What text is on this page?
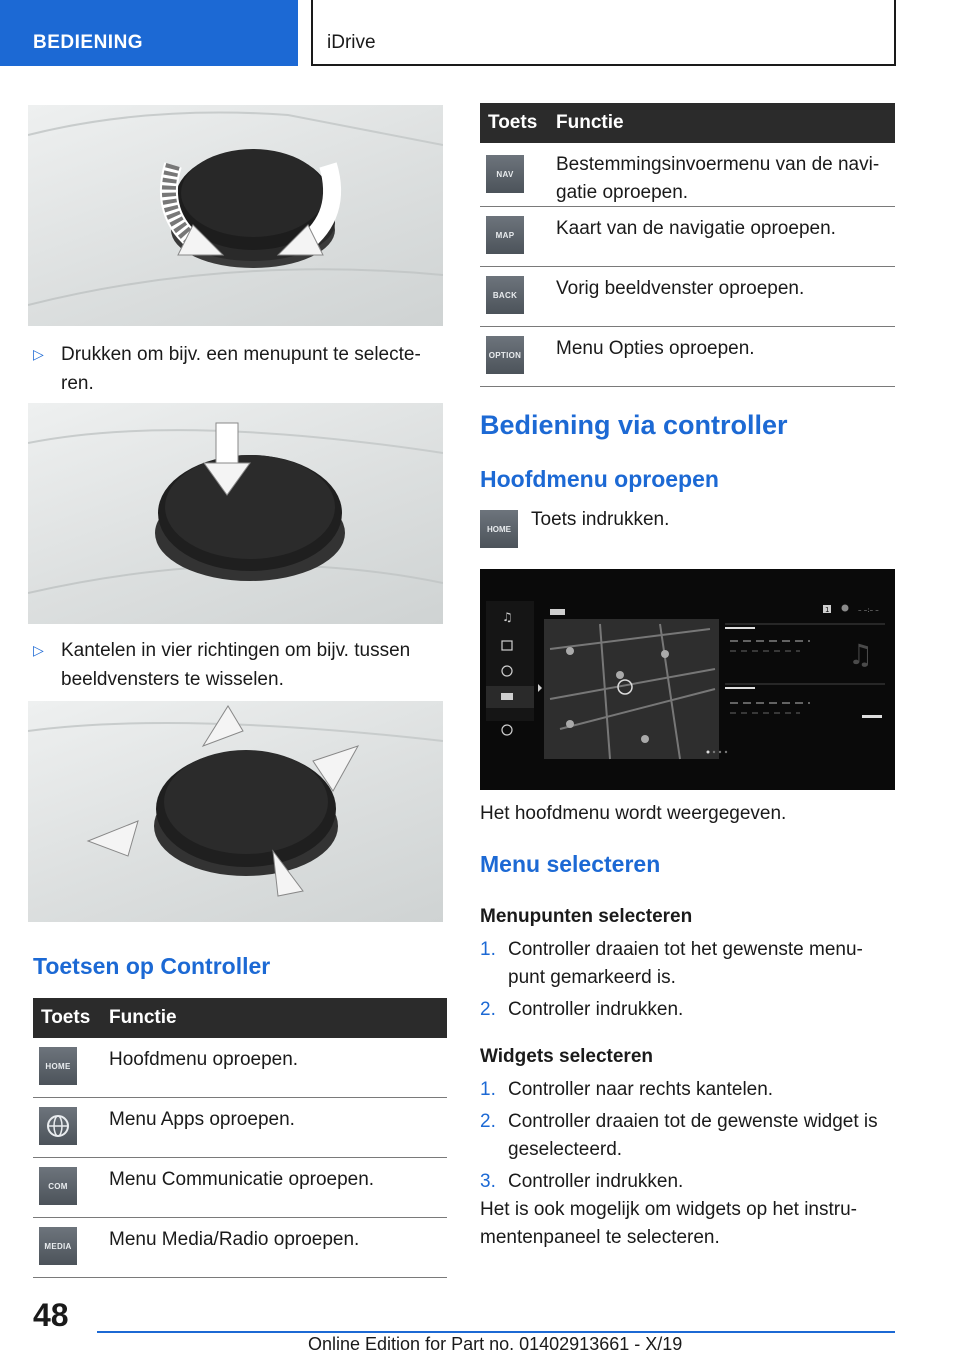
BEDIENING	iDrive
▷ Drukken om bijv. een menupunt te selecte-ren.
▷ Kantelen in vier richtingen om bijv. tussen beeldvensters te wisselen.
Toetsen op Controller
Toets Functie
HOME	Hoofdmenu oproepen.
Menu Apps oproepen.
COM	Menu Communicatie oproepen.
MEDIA Menu Media/Radio oproepen.
Toets Functie
NAV	Bestemmingsinvoermenu van de navi-
gatie oproepen.
MAP	Kaart van de navigatie oproepen.
BACK	Vorig beeldvenster oproepen.
OPTION Menu Opties oproepen.
Bediening via controller
Hoofdmenu oproepen
HOME	Toets indrukken.
♫	1	– –:– –
♫
Het hoofdmenu wordt weergegeven.
Menu selecteren
Menupunten selecteren
1. Controller draaien tot het gewenste menu-
punt gemarkeerd is.
2. Controller indrukken.
Widgets selecteren
1. Controller naar rechts kantelen.
2. Controller draaien tot de gewenste widget is
geselecteerd.
3. Controller indrukken.
Het is ook mogelijk om widgets op het instru-
mentenpaneel te selecteren.
48
Online Edition for Part no. 01402913661 - X/19
